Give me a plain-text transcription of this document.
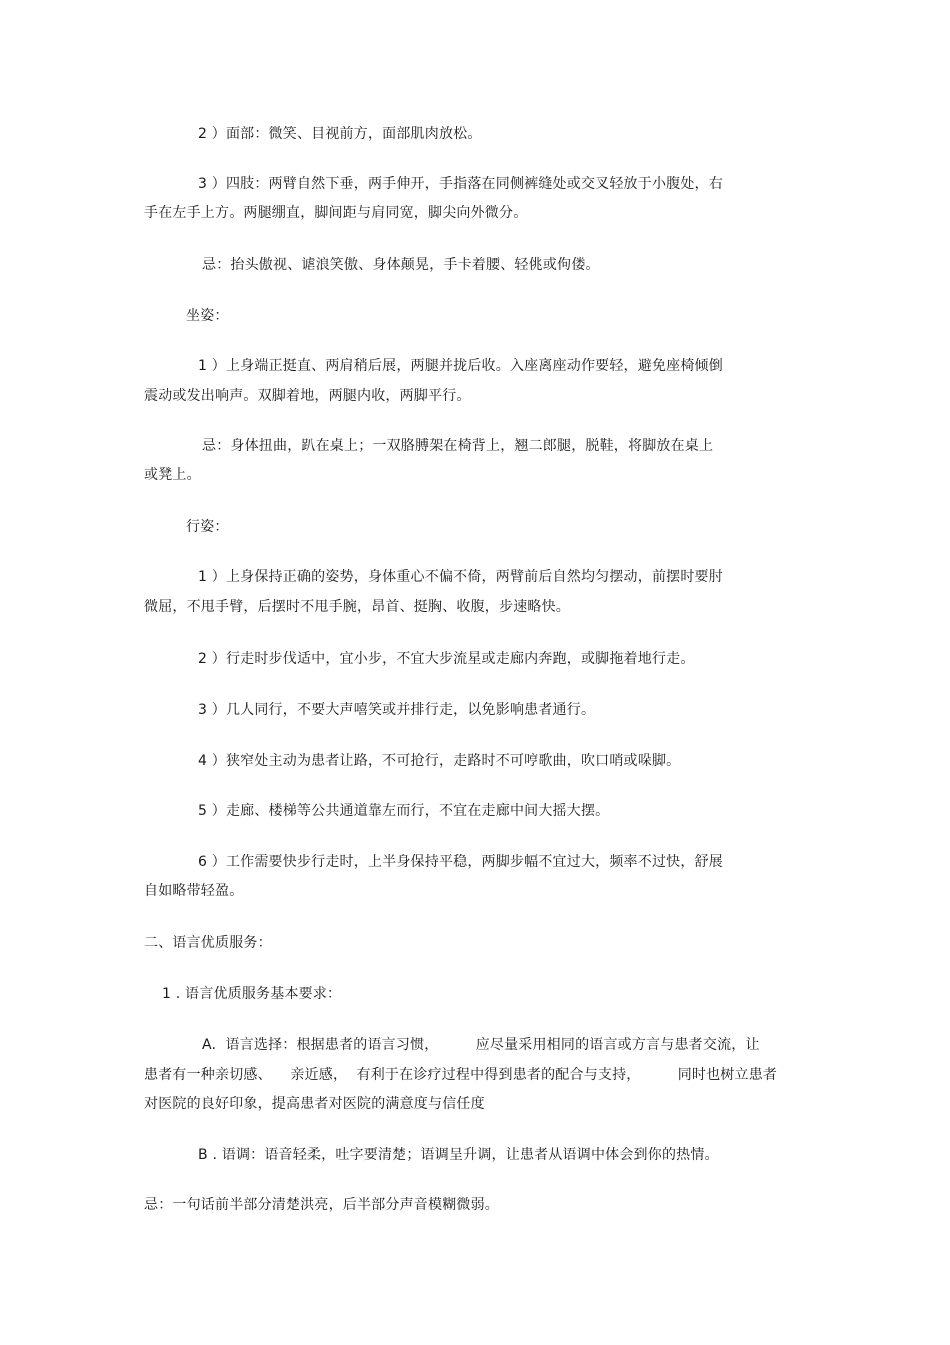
2 ）面部：微笑、目视前方，面部肌肉放松。
3 ）四肢：两臂自然下垂，两手伸开，手指落在同侧裤缝处或交叉轻放于小腹处，右
手在左手上方。两腿绷直，脚间距与肩同宽，脚尖向外微分。
忌：抬头傲视、谑浪笑傲、身体颠晃，手卡着腰、轻佻或佝偻。
坐姿：
1 ）上身端正挺直、两肩稍后展，两腿并拢后收。入座离座动作要轻，避免座椅倾倒
震动或发出响声。双脚着地，两腿内收，两脚平行。
忌：身体扭曲，趴在桌上；一双胳膊架在椅背上，翘二郎腿，脱鞋，将脚放在桌上
或凳上。
行姿：
1 ）上身保持正确的姿势，身体重心不偏不倚，两臂前后自然均匀摆动，前摆时要肘
微屈，不甩手臂，后摆时不甩手腕，昂首、挺胸、收腹，步速略快。
2 ）行走时步伐适中，宜小步，不宜大步流星或走廊内奔跑，或脚拖着地行走。
3 ）几人同行，不要大声嘻笑或并排行走，以免影响患者通行。
4 ）狭窄处主动为患者让路，不可抢行，走路时不可哼歌曲，吹口哨或哚脚。
5 ）走廊、楼梯等公共通道靠左而行，不宜在走廊中间大摇大摆。
6 ）工作需要快步行走时，上半身保持平稳，两脚步幅不宜过大，频率不过快，舒展
自如略带轻盈。
二、语言优质服务：
1 . 语言优质服务基本要求：
A.  语言选择：根据患者的语言习惯，        应尽量采用相同的语言或方言与患者交流，让
患者有一种亲切感、    亲近感，  有利于在诊疗过程中得到患者的配合与支持，        同时也树立患者
对医院的良好印象，提高患者对医院的满意度与信任度
B . 语调：语音轻柔，吐字要清楚；语调呈升调，让患者从语调中体会到你的热情。
忌：一句话前半部分清楚洪亮，后半部分声音模糊微弱。
